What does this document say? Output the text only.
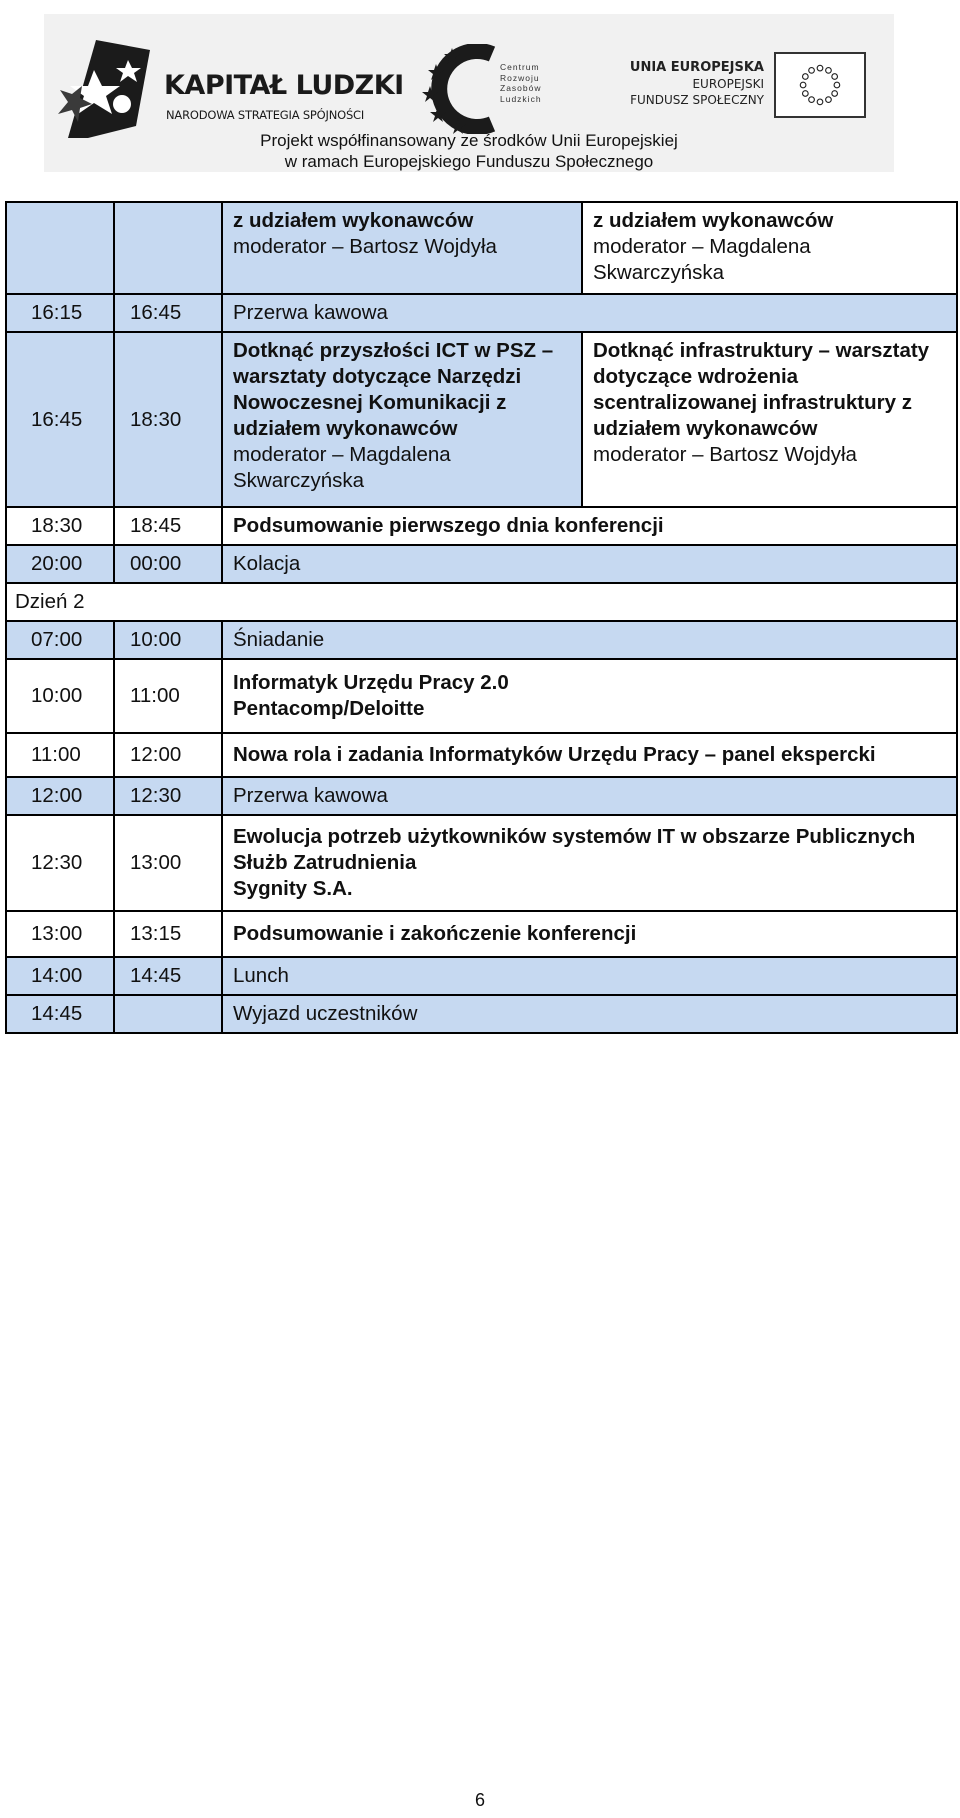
KAPITAŁ LUDZKI
NARODOWA STRATEGIA SPÓJNOŚCI
Centrum
Rozwoju
Zasobów
Ludzkich
UNIA EUROPEJSKA
EUROPEJSKI
FUNDUSZ SPOŁECZNY
Projekt współfinansowany ze środków Unii Europejskiej
w ramach Europejskiego Funduszu Społecznego

		z udziałem wykonawców
moderator – Bartosz Wojdyła	z udziałem wykonawców
moderator – Magdalena Skwarczyńska

16:15	16:45	Przerwa kawowa	
16:45	18:30	Dotknąć przyszłości ICT w PSZ – warsztaty dotyczące Narzędzi Nowoczesnej Komunikacji z udziałem wykonawców
moderator – Magdalena Skwarczyńska	Dotknąć infrastruktury – warsztaty dotyczące wdrożenia scentralizowanej infrastruktury z udziałem wykonawców
moderator – Bartosz Wojdyła

18:30	18:45	Podsumowanie pierwszego dnia konferencji	
20:00	00:00	Kolacja	
Dzień 2			
07:00	10:00	Śniadanie	
10:00	11:00	Informatyk Urzędu Pracy 2.0
Pentacomp/Deloitte	

11:00	12:00	Nowa rola i zadania Informatyków Urzędu Pracy – panel ekspercki	
12:00	12:30	Przerwa kawowa	
12:30	13:00	Ewolucja potrzeb użytkowników systemów IT w obszarze Publicznych Służb Zatrudnienia
Sygnity S.A.	

13:00	13:15	Podsumowanie i zakończenie konferencji	
14:00	14:45	Lunch	
14:45		Wyjazd uczestników	
6
